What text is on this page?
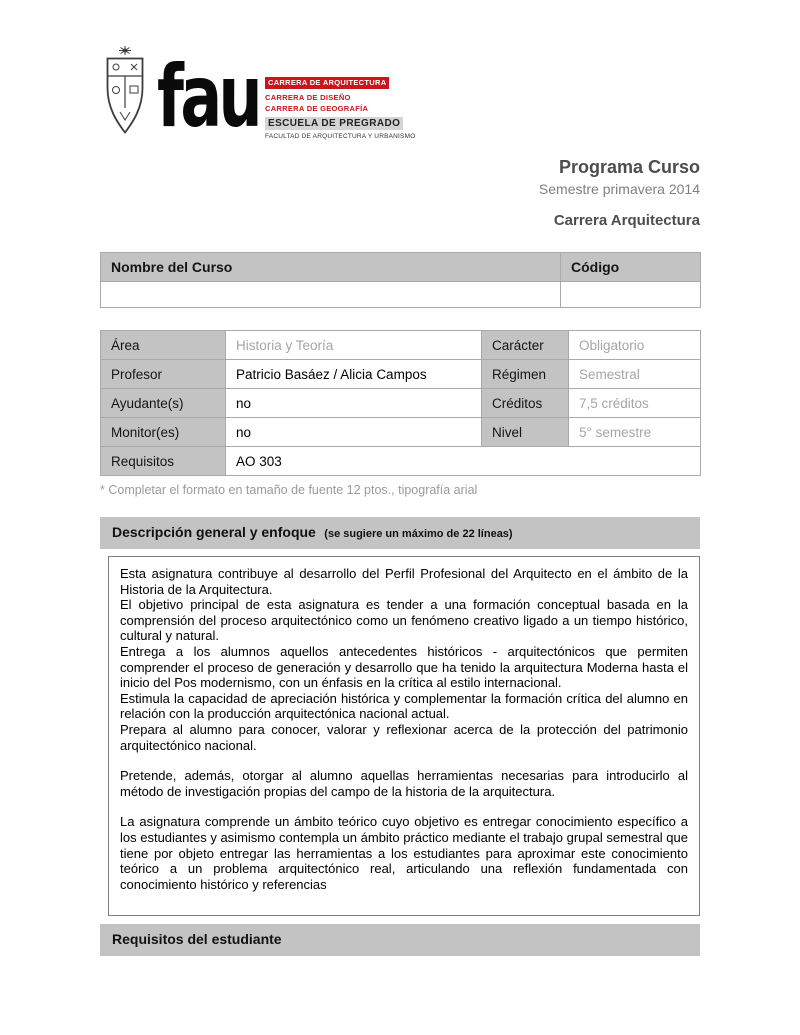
fau	CARRERA DE ARQUITECTURA
CARRERA DE DISEÑO
CARRERA DE GEOGRAFÍA
ESCUELA DE PREGRADO
FACULTAD DE ARQUITECTURA Y URBANISMO
Programa Curso
Semestre primavera 2014
Carrera Arquitectura
Nombre del Curso	Código

Área	Historia y Teoría	Carácter	Obligatorio
Profesor	Patricio Basáez / Alicia Campos	Régimen	Semestral
Ayudante(s)	no	Créditos	7,5 créditos
Monitor(es)	no	Nivel	5° semestre
Requisitos	AO 303		
* Completar el formato en tamaño de fuente 12 ptos., tipografía arial
Descripción general y enfoque (se sugiere un máximo de 22 líneas)

Esta asignatura contribuye al desarrollo del Perfil Profesional del Arquitecto en el ámbito de la Historia de la Arquitectura.

El objetivo principal de esta asignatura es tender a una formación conceptual basada en la comprensión del proceso arquitectónico como un fenómeno creativo ligado a un tiempo histórico, cultural y natural.

Entrega a los alumnos aquellos antecedentes históricos - arquitectónicos que permiten comprender el proceso de generación y desarrollo que ha tenido la arquitectura Moderna hasta el inicio del Pos modernismo, con un énfasis en la crítica al estilo internacional.

Estimula la capacidad de apreciación histórica y complementar la formación crítica del alumno en relación con la producción arquitectónica nacional actual.

Prepara al alumno para conocer, valorar y reflexionar acerca de la protección del patrimonio arquitectónico nacional.

Pretende, además, otorgar al alumno aquellas herramientas necesarias para introducirlo al método de investigación propias del campo de la historia de la arquitectura.

La asignatura comprende un ámbito teórico cuyo objetivo es entregar conocimiento específico a los estudiantes y asimismo contempla un ámbito práctico mediante el trabajo grupal semestral que tiene por objeto entregar las herramientas a los estudiantes para aproximar este conocimiento teórico a un problema arquitectónico real, articulando una reflexión fundamentada con conocimiento histórico y referencias

Requisitos del estudiante
